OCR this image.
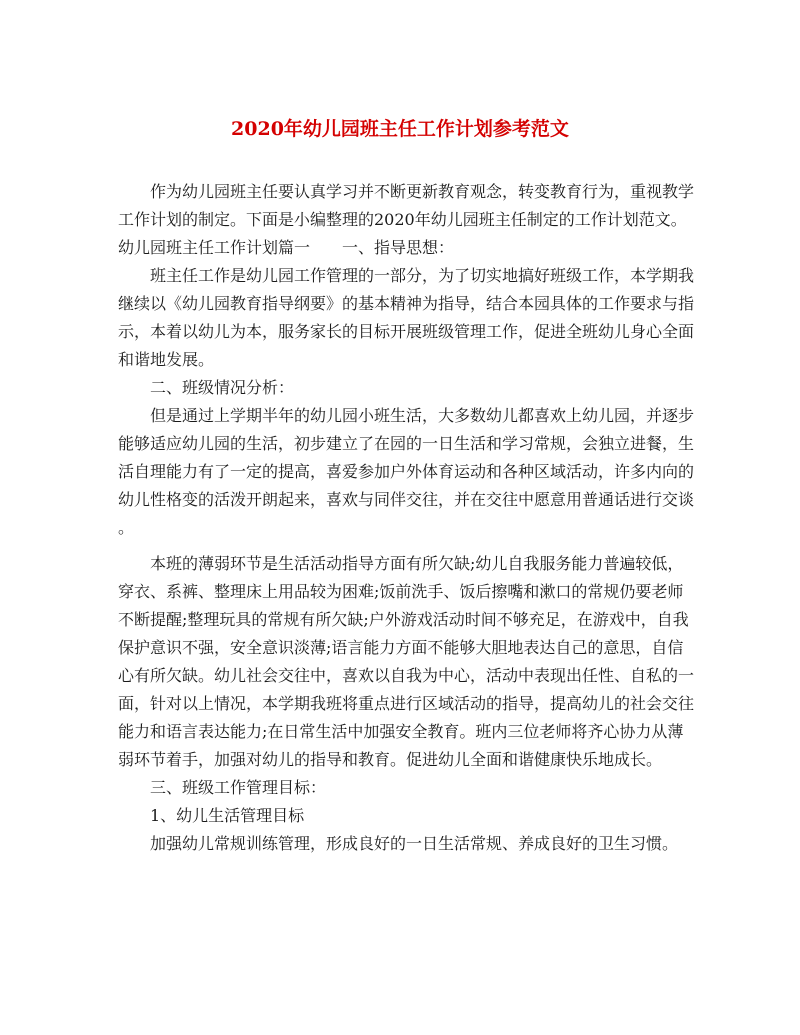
2020年幼儿园班主任工作计划参考范文
作为幼儿园班主任要认真学习并不断更新教育观念，转变教育行为，重视教学
工作计划的制定。下面是小编整理的2020年幼儿园班主任制定的工作计划范文。
幼儿园班主任工作计划篇一　　一、指导思想：
班主任工作是幼儿园工作管理的一部分，为了切实地搞好班级工作，本学期我
继续以《幼儿园教育指导纲要》的基本精神为指导，结合本园具体的工作要求与指
示，本着以幼儿为本，服务家长的目标开展班级管理工作，促进全班幼儿身心全面
和谐地发展。
二、班级情况分析：
但是通过上学期半年的幼儿园小班生活，大多数幼儿都喜欢上幼儿园，并逐步
能够适应幼儿园的生活，初步建立了在园的一日生活和学习常规，会独立进餐，生
活自理能力有了一定的提高，喜爱参加户外体育运动和各种区域活动，许多内向的
幼儿性格变的活泼开朗起来，喜欢与同伴交往，并在交往中愿意用普通话进行交谈
。
本班的薄弱环节是生活活动指导方面有所欠缺;幼儿自我服务能力普遍较低，
穿衣、系裤、整理床上用品较为困难;饭前洗手、饭后擦嘴和漱口的常规仍要老师
不断提醒;整理玩具的常规有所欠缺;户外游戏活动时间不够充足，在游戏中，自我
保护意识不强，安全意识淡薄;语言能力方面不能够大胆地表达自己的意思，自信
心有所欠缺。幼儿社会交往中，喜欢以自我为中心，活动中表现出任性、自私的一
面，针对以上情况，本学期我班将重点进行区域活动的指导，提高幼儿的社会交往
能力和语言表达能力;在日常生活中加强安全教育。班内三位老师将齐心协力从薄
弱环节着手，加强对幼儿的指导和教育。促进幼儿全面和谐健康快乐地成长。
三、班级工作管理目标：
1、幼儿生活管理目标
加强幼儿常规训练管理，形成良好的一日生活常规、养成良好的卫生习惯。
